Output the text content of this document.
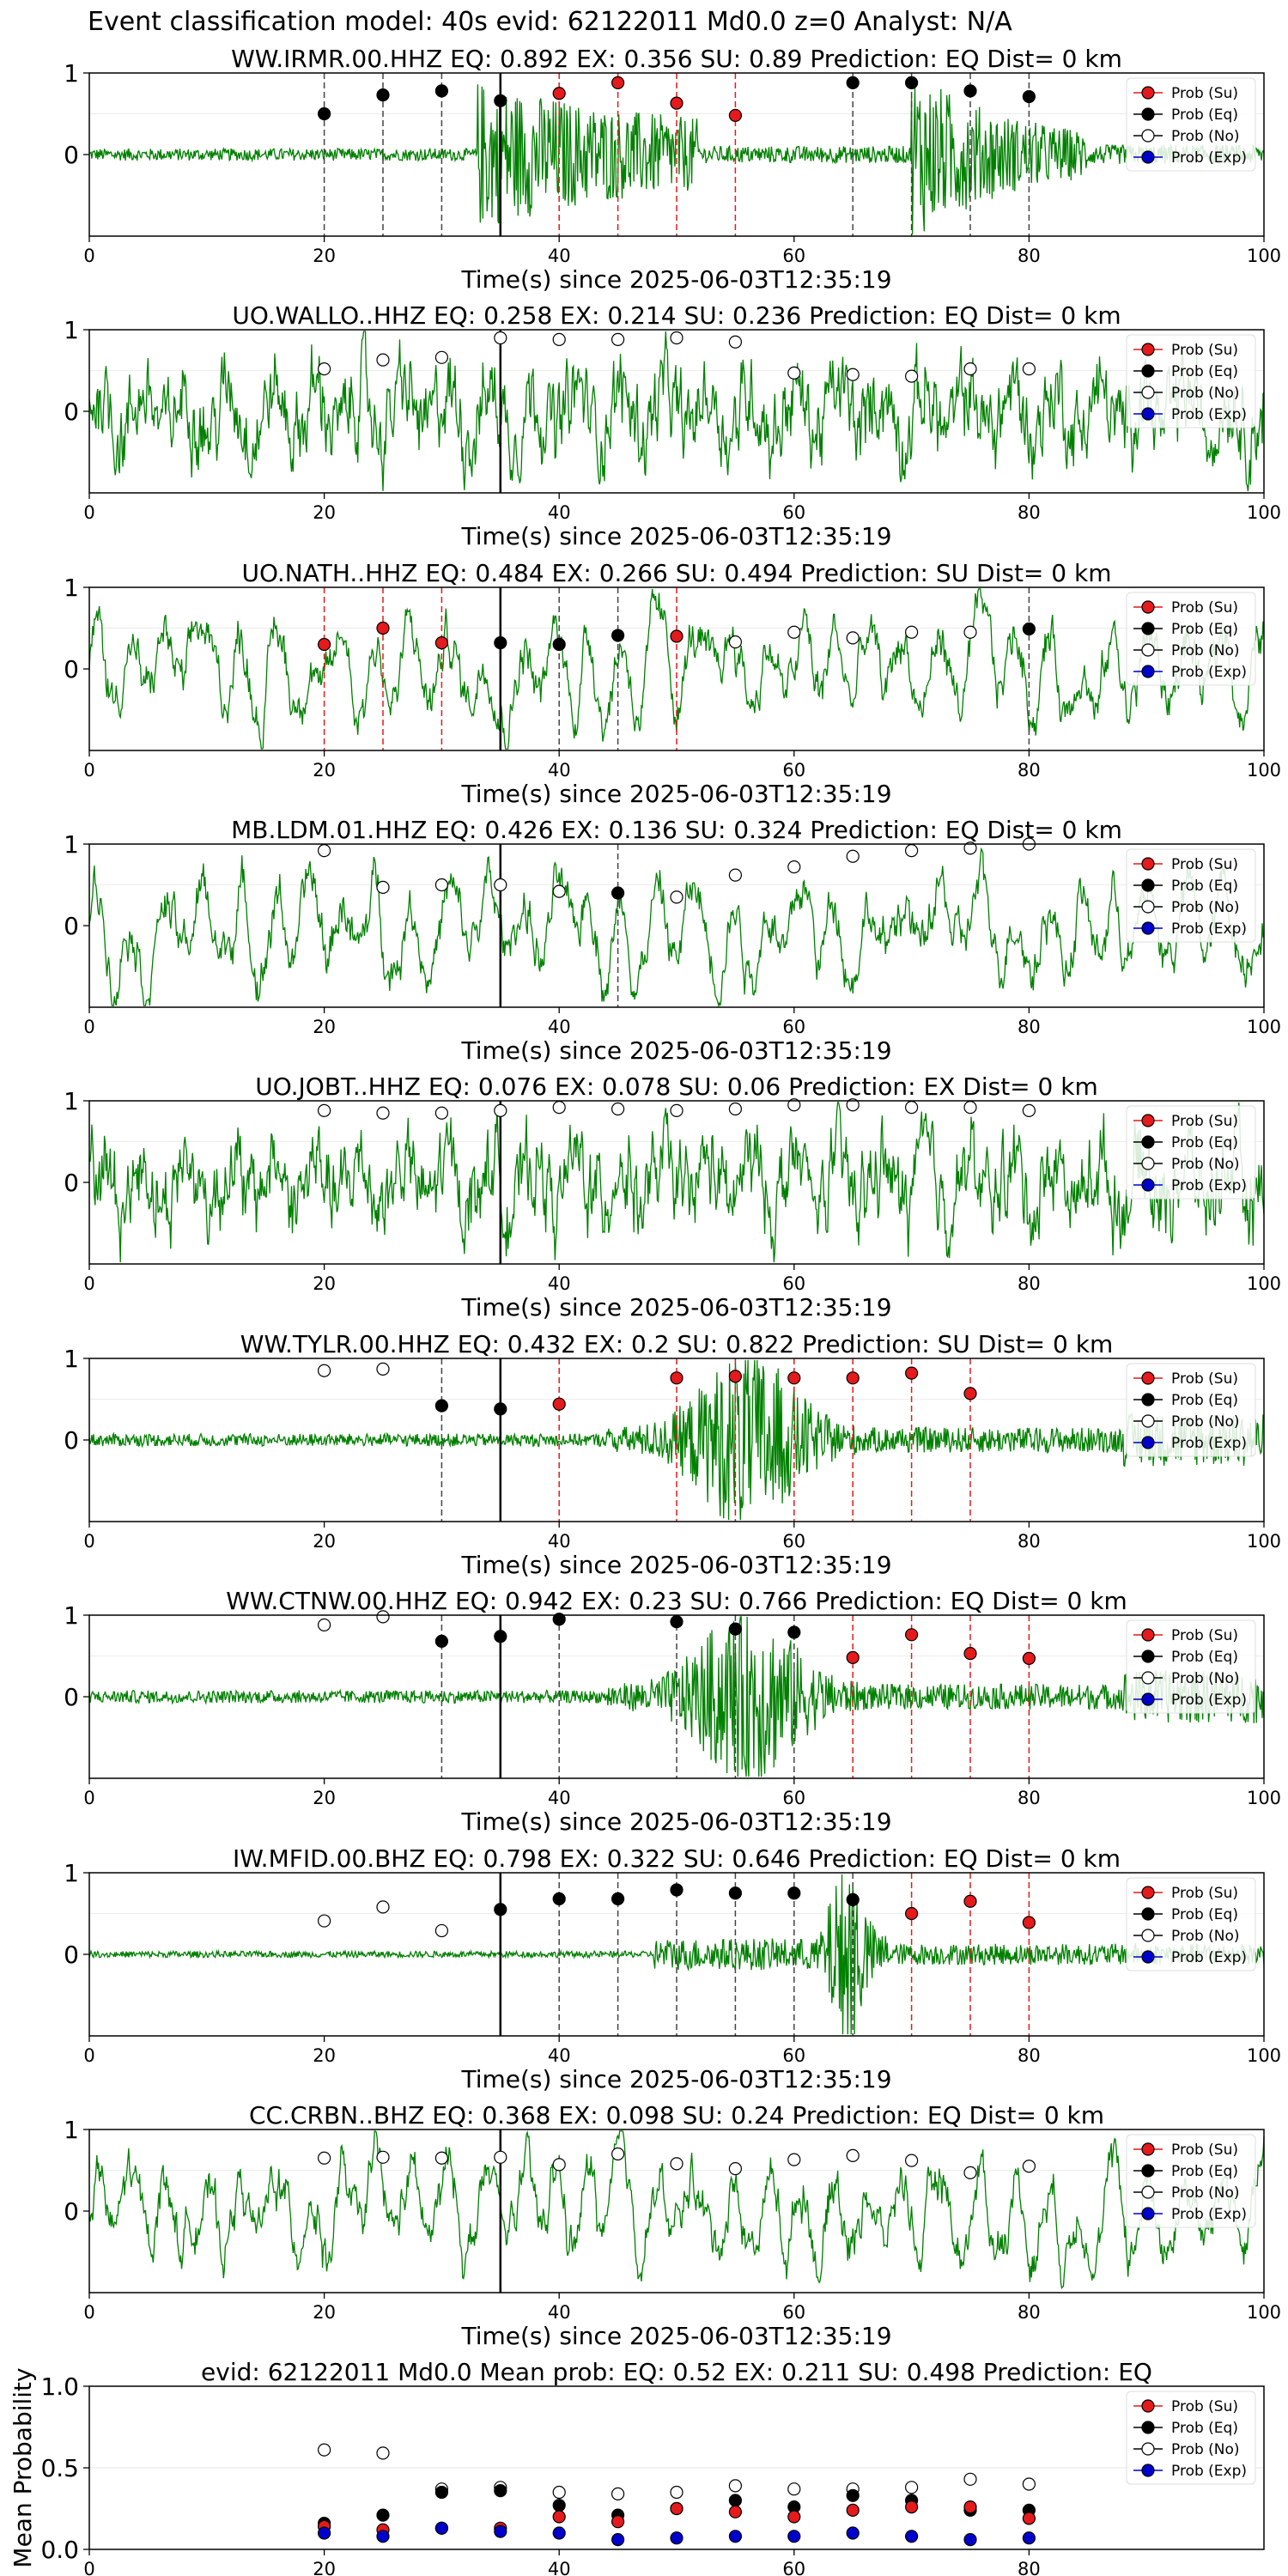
Event classification model: 40s evid: 62122011 Md0.0 z=0 Analyst: N/A
WW.IRMR.00.HHZ EQ: 0.892 EX: 0.356 SU: 0.89 Prediction: EQ Dist= 0 km
1
0
0	20	40	60	80	100
Time(s) since 2025-06-03T12:35:19
Prob (Su)
Prob (Eq)
Prob (No)
Prob (Exp)
UO.WALLO..HHZ EQ: 0.258 EX: 0.214 SU: 0.236 Prediction: EQ Dist= 0 km
1
0
0	20	40	60	80	100
Time(s) since 2025-06-03T12:35:19
Prob (Su)
Prob (Eq)
Prob (No)
Prob (Exp)
UO.NATH..HHZ EQ: 0.484 EX: 0.266 SU: 0.494 Prediction: SU Dist= 0 km
1
0
0	20	40	60	80	100
Time(s) since 2025-06-03T12:35:19
Prob (Su)
Prob (Eq)
Prob (No)
Prob (Exp)
MB.LDM.01.HHZ EQ: 0.426 EX: 0.136 SU: 0.324 Prediction: EQ Dist= 0 km
1
0
0	20	40	60	80	100
Time(s) since 2025-06-03T12:35:19
Prob (Su)
Prob (Eq)
Prob (No)
Prob (Exp)
UO.JOBT..HHZ EQ: 0.076 EX: 0.078 SU: 0.06 Prediction: EX Dist= 0 km
1
0
0	20	40	60	80	100
Time(s) since 2025-06-03T12:35:19
Prob (Su)
Prob (Eq)
Prob (No)
Prob (Exp)
WW.TYLR.00.HHZ EQ: 0.432 EX: 0.2 SU: 0.822 Prediction: SU Dist= 0 km
1
0
0	20	40	60	80	100
Time(s) since 2025-06-03T12:35:19
Prob (Su)
Prob (Eq)
Prob (No)
Prob (Exp)
WW.CTNW.00.HHZ EQ: 0.942 EX: 0.23 SU: 0.766 Prediction: EQ Dist= 0 km
1
0
0	20	40	60	80	100
Time(s) since 2025-06-03T12:35:19
Prob (Su)
Prob (Eq)
Prob (No)
Prob (Exp)
IW.MFID.00.BHZ EQ: 0.798 EX: 0.322 SU: 0.646 Prediction: EQ Dist= 0 km
1
0
0	20	40	60	80	100
Time(s) since 2025-06-03T12:35:19
Prob (Su)
Prob (Eq)
Prob (No)
Prob (Exp)
CC.CRBN..BHZ EQ: 0.368 EX: 0.098 SU: 0.24 Prediction: EQ Dist= 0 km
1
0
0	20	40	60	80	100
Time(s) since 2025-06-03T12:35:19
Prob (Su)
Prob (Eq)
Prob (No)
Prob (Exp)
evid: 62122011 Md0.0 Mean prob: EQ: 0.52 EX: 0.211 SU: 0.498 Prediction: EQ
1.0
0.5
0.0
0	20	40	60	80
Mean Probability	Prob (Su)
Prob (Eq)
Prob (No)
Prob (Exp)
